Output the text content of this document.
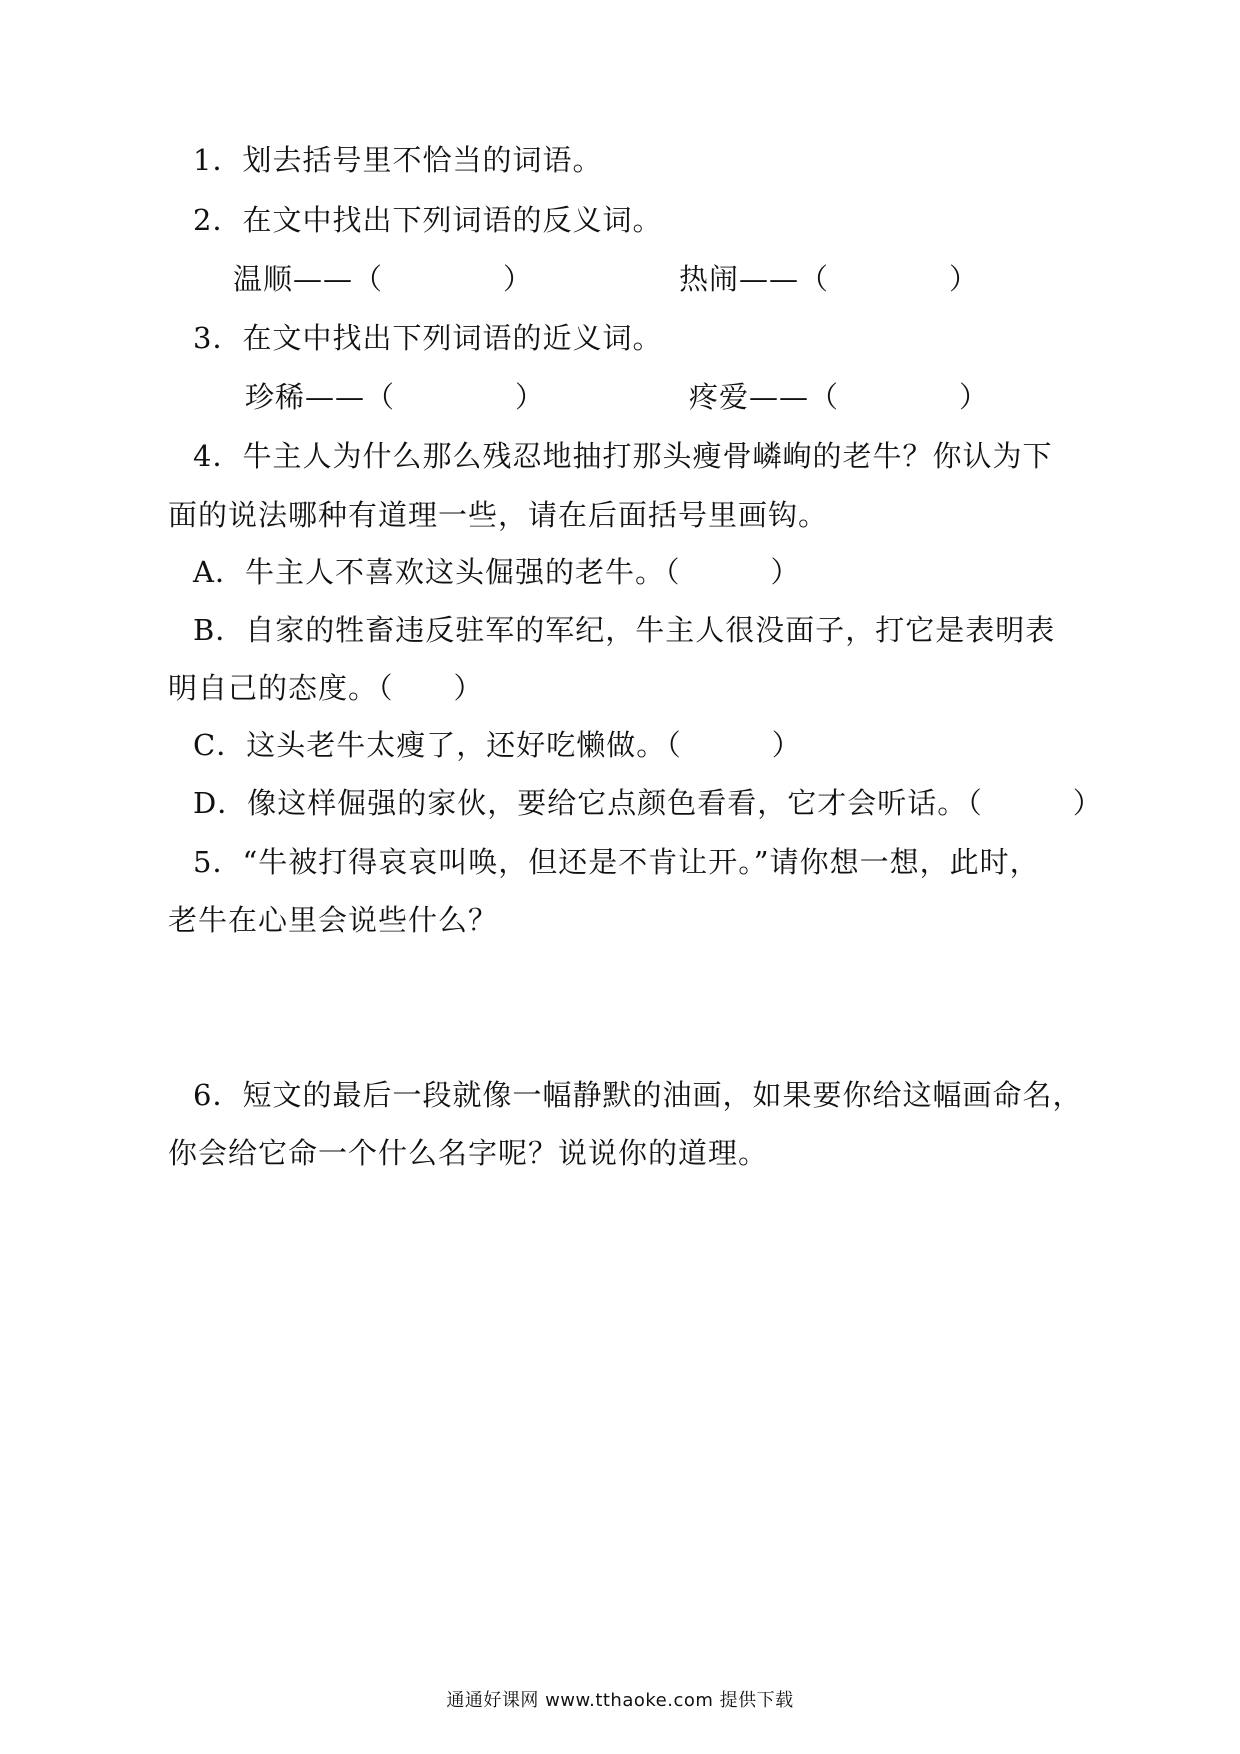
1．划去括号里不恰当的词语。
2．在文中找出下列词语的反义词。
温顺——（　　　　）	热闹——（　　　　）
3．在文中找出下列词语的近义词。
珍稀——（　　　　）	疼爱——（　　　　）
4．牛主人为什么那么残忍地抽打那头瘦骨嶙峋的老牛？你认为下
面的说法哪种有道理一些，请在后面括号里画钩。
A．牛主人不喜欢这头倔强的老牛。（　　　）
B．自家的牲畜违反驻军的军纪，牛主人很没面子，打它是表明表
明自己的态度。（　　）
C．这头老牛太瘦了，还好吃懒做。（　　　）
D．像这样倔强的家伙，要给它点颜色看看，它才会听话。（　　　）
5．“牛被打得哀哀叫唤，但还是不肯让开。”请你想一想，此时，
老牛在心里会说些什么？
6．短文的最后一段就像一幅静默的油画，如果要你给这幅画命名，
你会给它命一个什么名字呢？说说你的道理。
通通好课网 www.tthaoke.com 提供下载
